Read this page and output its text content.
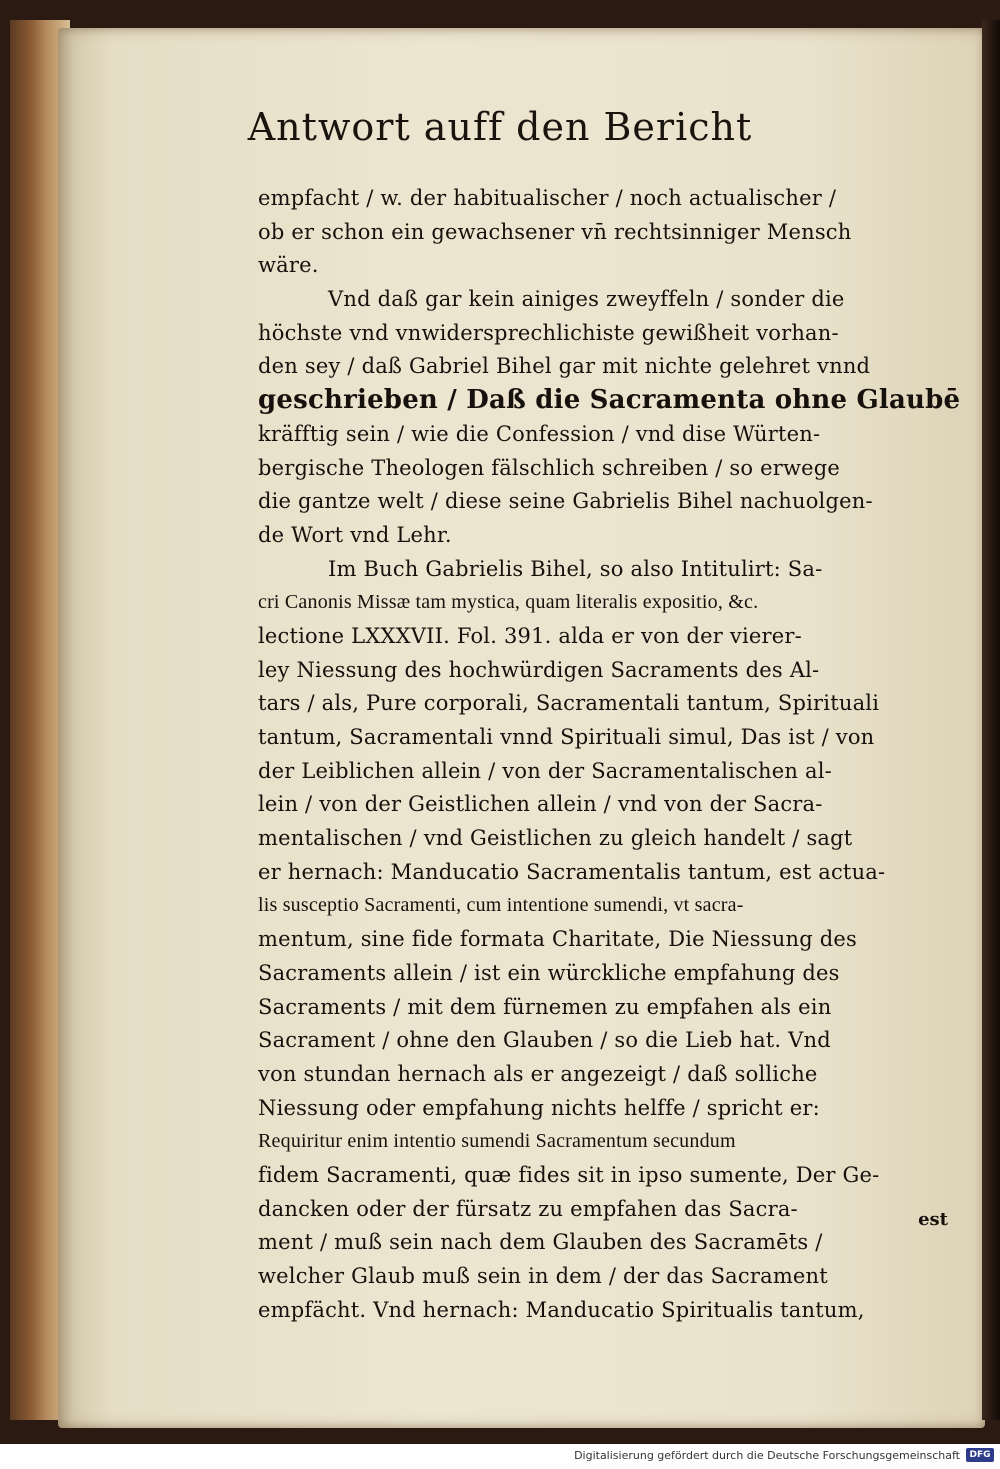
Antwort auff den Bericht
empfacht / w. der habitualischer / noch actualischer /
ob er schon ein gewachsener vn̄ rechtsinniger Mensch
wäre.
Vnd daß gar kein ainiges zweyffeln / sonder die
höchste vnd vnwidersprechlichiste gewißheit vorhan‑
den sey / daß Gabriel Bihel gar mit nichte gelehret vnnd
geschrieben / Daß die Sacramenta ohne Glaubē
kräfftig sein / wie die Confession / vnd dise Würten‑
bergische Theologen fälschlich schreiben / so erwege
die gantze welt / diese seine Gabrielis Bihel nachuolgen‑
de Wort vnd Lehr.
Im Buch Gabrielis Bihel, so also Intitulirt: Sa‑
cri Canonis Missæ tam mystica, quam literalis expositio, &c.
lectione LXXXVII. Fol. 391. alda er von der vierer‑
ley Niessung des hochwürdigen Sacraments des Al‑
tars / als, Pure corporali, Sacramentali tantum, Spirituali
tantum, Sacramentali vnnd Spirituali simul, Das ist / von
der Leiblichen allein / von der Sacramentalischen al‑
lein / von der Geistlichen allein / vnd von der Sacra‑
mentalischen / vnd Geistlichen zu gleich handelt / sagt
er hernach: Manducatio Sacramentalis tantum, est actua‑
lis susceptio Sacramenti, cum intentione sumendi, vt sacra‑
mentum, sine fide formata Charitate, Die Niessung des
Sacraments allein / ist ein würckliche empfahung des
Sacraments / mit dem fürnemen zu empfahen als ein
Sacrament / ohne den Glauben / so die Lieb hat. Vnd
von stundan hernach als er angezeigt / daß solliche
Niessung oder empfahung nichts helffe / spricht er:
Requiritur enim intentio sumendi Sacramentum secundum
fidem Sacramenti, quæ fides sit in ipso sumente, Der Ge‑
dancken oder der fürsatz zu empfahen das Sacra‑
ment / muß sein nach dem Glauben des Sacramēts /
welcher Glaub muß sein in dem / der das Sacrament
empfächt. Vnd hernach: Manducatio Spiritualis tantum,
est
Digitalisierung gefördert durch die Deutsche Forschungsgemeinschaft	DFG
